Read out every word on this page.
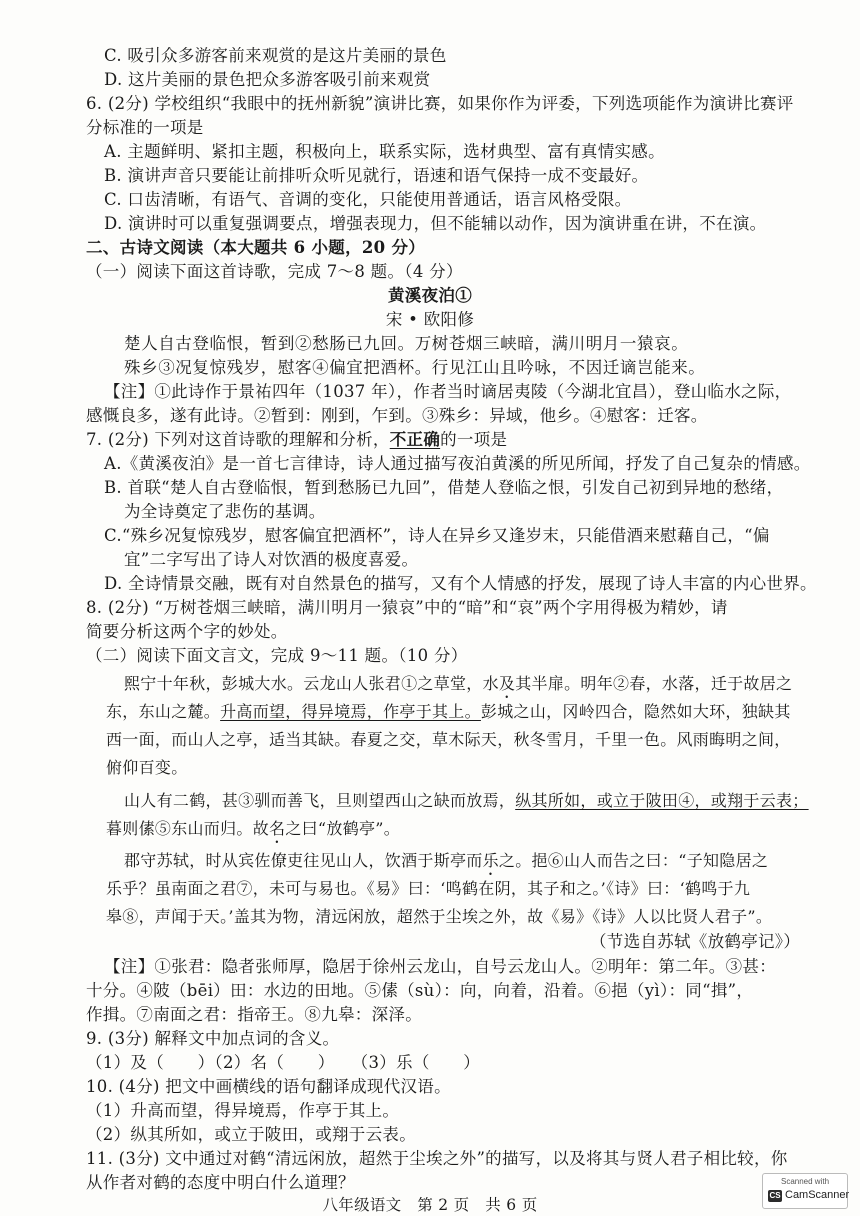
C. 吸引众多游客前来观赏的是这片美丽的景色
D. 这片美丽的景色把众多游客吸引前来观赏
6. (2分) 学校组织“我眼中的抚州新貌”演讲比赛，如果你作为评委，下列选项能作为演讲比赛评
分标准的一项是
A. 主题鲜明、紧扣主题，积极向上，联系实际，选材典型、富有真情实感。
B. 演讲声音只要能让前排听众听见就行，语速和语气保持一成不变最好。
C. 口齿清晰，有语气、音调的变化，只能使用普通话，语言风格受限。
D. 演讲时可以重复强调要点，增强表现力，但不能辅以动作，因为演讲重在讲，不在演。
二、古诗文阅读（本大题共 6 小题，20 分）
（一）阅读下面这首诗歌，完成 7～8 题。（4 分）
黄溪夜泊①
宋 • 欧阳修
楚人自古登临恨，暂到②愁肠已九回。万树苍烟三峡暗，满川明月一猿哀。
殊乡③况复惊残岁，慰客④偏宜把酒杯。行见江山且吟咏，不因迁谪岂能来。
【注】①此诗作于景祐四年（1037 年），作者当时谪居夷陵（今湖北宜昌），登山临水之际，
感慨良多，遂有此诗。②暂到：刚到，乍到。③殊乡：异域，他乡。④慰客：迁客。
7. (2分) 下列对这首诗歌的理解和分析，不正确的一项是
A.《黄溪夜泊》是一首七言律诗，诗人通过描写夜泊黄溪的所见所闻，抒发了自己复杂的情感。
B. 首联“楚人自古登临恨，暂到愁肠已九回”，借楚人登临之恨，引发自己初到异地的愁绪，
为全诗奠定了悲伤的基调。
C.“殊乡况复惊残岁，慰客偏宜把酒杯”，诗人在异乡又逢岁末，只能借酒来慰藉自己，“偏
宜”二字写出了诗人对饮酒的极度喜爱。
D. 全诗情景交融，既有对自然景色的描写，又有个人情感的抒发，展现了诗人丰富的内心世界。
8. (2分) “万树苍烟三峡暗，满川明月一猿哀”中的“暗”和“哀”两个字用得极为精妙，请
简要分析这两个字的妙处。
（二）阅读下面文言文，完成 9～11 题。（10 分）
熙宁十年秋，彭城大水。云龙山人张君①之草堂，水及其半扉。明年②春，水落，迁于故居之
东，东山之麓。升高而望，得异境焉，作亭于其上。彭城之山，冈岭四合，隐然如大环，独缺其
西一面，而山人之亭，适当其缺。春夏之交，草木际天，秋冬雪月，千里一色。风雨晦明之间，
俯仰百变。
山人有二鹤，甚③驯而善飞，旦则望西山之缺而放焉，纵其所如，或立于陂田④，或翔于云表；
暮则傃⑤东山而归。故名之曰“放鹤亭”。
郡守苏轼，时从宾佐僚吏往见山人，饮酒于斯亭而乐之。挹⑥山人而告之曰：“子知隐居之
乐乎？虽南面之君⑦，未可与易也。《易》曰：‘鸣鹤在阴，其子和之。’《诗》曰：‘鹤鸣于九
皋⑧，声闻于天。’盖其为物，清远闲放，超然于尘埃之外，故《易》《诗》人以比贤人君子”。
（节选自苏轼《放鹤亭记》）
【注】①张君：隐者张师厚，隐居于徐州云龙山，自号云龙山人。②明年：第二年。③甚：
十分。④陂（bēi）田：水边的田地。⑤傃（sù）：向，向着，沿着。⑥挹（yì）：同“揖”，
作揖。⑦南面之君：指帝王。⑧九皋：深泽。
9. (3分) 解释文中加点词的含义。
（1）及（　　）（2）名（　　）　　（3）乐（　　）
10. (4分) 把文中画横线的语句翻译成现代汉语。
（1）升高而望，得异境焉，作亭于其上。
（2）纵其所如，或立于陂田，或翔于云表。
11. (3分) 文中通过对鹤“清远闲放，超然于尘埃之外”的描写，以及将其与贤人君子相比较，你
从作者对鹤的态度中明白什么道理？
八年级语文　第 2 页　共 6 页
Scanned with
CS CamScanner
